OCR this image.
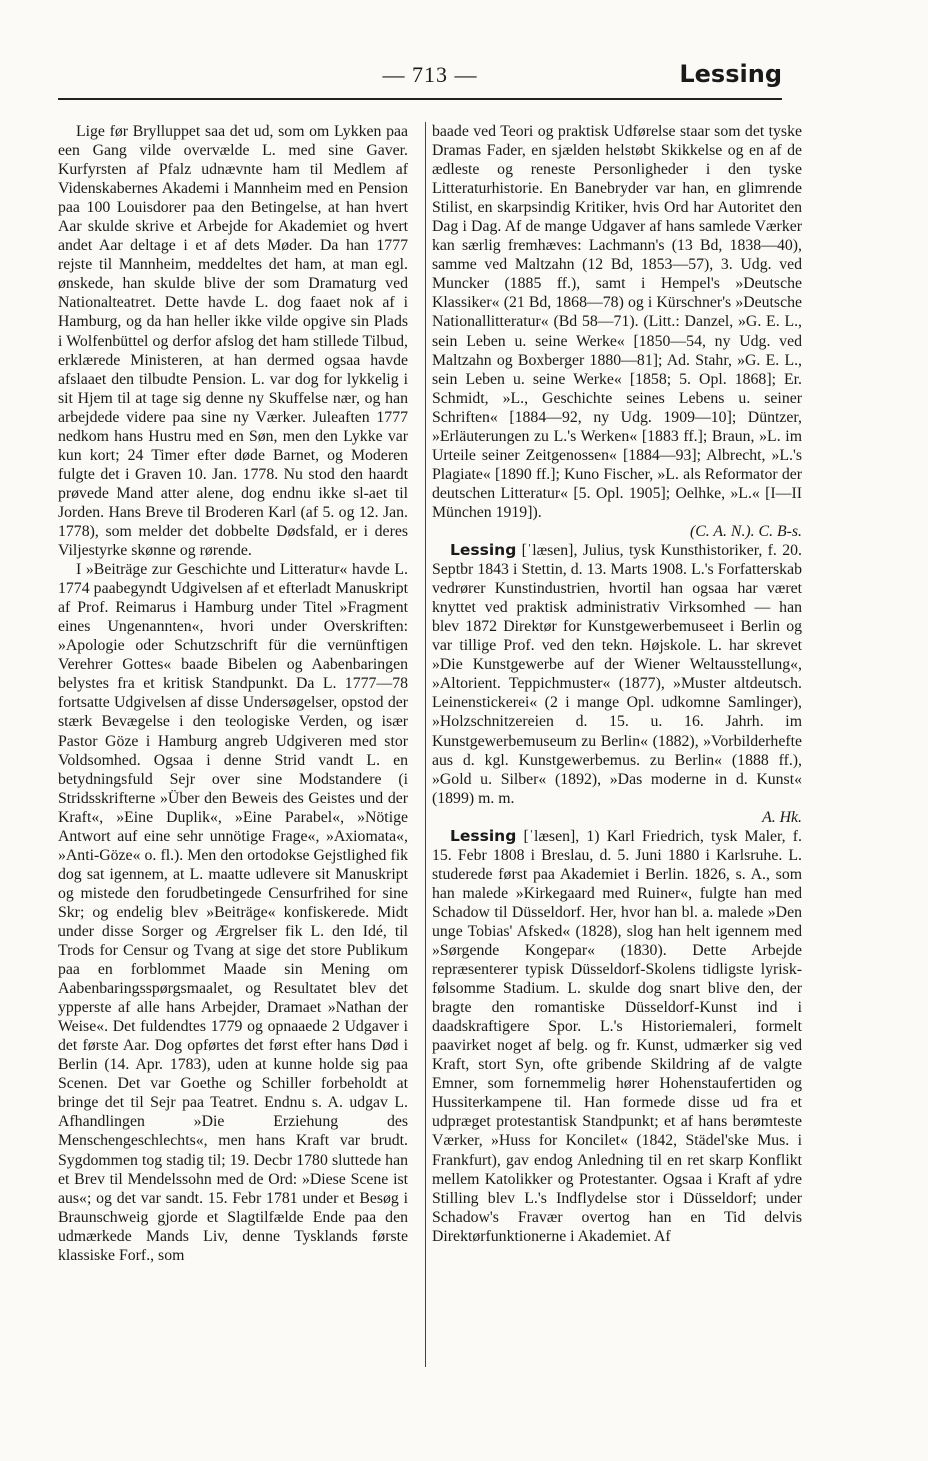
— 713 —	Lessing

Lige før Brylluppet saa det ud, som om Lykken paa een Gang vilde overvælde L. med sine Gaver. Kurfyrsten af Pfalz udnævnte ham til Medlem af Videnskabernes Akademi i Mannheim med en Pension paa 100 Louisdorer paa den Betingelse, at han hvert Aar skulde skrive et Arbejde for Akademiet og hvert andet Aar deltage i et af dets Møder. Da han 1777 rejste til Mannheim, meddeltes det ham, at man egl. ønskede, han skulde blive der som Dramaturg ved Nationalteatret. Dette havde L. dog faaet nok af i Hamburg, og da han heller ikke vilde opgive sin Plads i Wolfenbüttel og derfor afslog det ham stillede Tilbud, erklærede Ministeren, at han dermed ogsaa havde afslaaet den tilbudte Pension. L. var dog for lykkelig i sit Hjem til at tage sig denne ny Skuffelse nær, og han arbejdede videre paa sine ny Værker. Juleaften 1777 nedkom hans Hustru med en Søn, men den Lykke var kun kort; 24 Timer efter døde Barnet, og Moderen fulgte det i Graven 10. Jan. 1778. Nu stod den haardt prøvede Mand atter alene, dog endnu ikke sl-aet til Jorden. Hans Breve til Broderen Karl (af 5. og 12. Jan. 1778), som melder det dobbelte Dødsfald, er i deres Viljestyrke skønne og rørende.

I »Beiträge zur Geschichte und Litteratur« havde L. 1774 paabegyndt Udgivelsen af et efterladt Manuskript af Prof. Reimarus i Hamburg under Titel »Fragment eines Ungenannten«, hvori under Overskriften: »Apologie oder Schutzschrift für die vernünftigen Verehrer Gottes« baade Bibelen og Aabenbaringen belystes fra et kritisk Standpunkt. Da L. 1777—78 fortsatte Udgivelsen af disse Undersøgelser, opstod der stærk Bevægelse i den teologiske Verden, og især Pastor Göze i Hamburg angreb Udgiveren med stor Voldsomhed. Ogsaa i denne Strid vandt L. en betydningsfuld Sejr over sine Modstandere (i Stridsskrifterne »Über den Beweis des Geistes und der Kraft«, »Eine Duplik«, »Eine Parabel«, »Nötige Antwort auf eine sehr unnötige Frage«, »Axiomata«, »Anti-Göze« o. fl.). Men den ortodokse Gejstlighed fik dog sat igennem, at L. maatte udlevere sit Manuskript og mistede den forudbetingede Censurfrihed for sine Skr; og endelig blev »Beiträge« konfiskerede. Midt under disse Sorger og Ærgrelser fik L. den Idé, til Trods for Censur og Tvang at sige det store Publikum paa en forblommet Maade sin Mening om Aabenbaringsspørgsmaalet, og Resultatet blev det ypperste af alle hans Arbejder, Dramaet »Nathan der Weise«. Det fuldendtes 1779 og opnaaede 2 Udgaver i det første Aar. Dog opførtes det først efter hans Død i Berlin (14. Apr. 1783), uden at kunne holde sig paa Scenen. Det var Goethe og Schiller forbeholdt at bringe det til Sejr paa Teatret. Endnu s. A. udgav L. Afhandlingen »Die Erziehung des Menschengeschlechts«, men hans Kraft var brudt. Sygdommen tog stadig til; 19. Decbr 1780 sluttede han et Brev til Mendelssohn med de Ord: »Diese Scene ist aus«; og det var sandt. 15. Febr 1781 under et Besøg i Braunschweig gjorde et Slagtilfælde Ende paa den udmærkede Mands Liv, denne Tysklands første klassiske Forf., som

baade ved Teori og praktisk Udførelse staar som det tyske Dramas Fader, en sjælden helstøbt Skikkelse og en af de ædleste og reneste Personligheder i den tyske Litteraturhistorie. En Banebryder var han, en glimrende Stilist, en skarpsindig Kritiker, hvis Ord har Autoritet den Dag i Dag. Af de mange Udgaver af hans samlede Værker kan særlig fremhæves: Lachmann's (13 Bd, 1838—40), samme ved Maltzahn (12 Bd, 1853—57), 3. Udg. ved Muncker (1885 ff.), samt i Hempel's »Deutsche Klassiker« (21 Bd, 1868—78) og i Kürschner's »Deutsche Nationallitteratur« (Bd 58—71). (Litt.: Danzel, »G. E. L., sein Leben u. seine Werke« [1850—54, ny Udg. ved Maltzahn og Boxberger 1880—81]; Ad. Stahr, »G. E. L., sein Leben u. seine Werke« [1858; 5. Opl. 1868]; Er. Schmidt, »L., Geschichte seines Lebens u. seiner Schriften« [1884—92, ny Udg. 1909—10]; Düntzer, »Erläuterungen zu L.'s Werken« [1883 ff.]; Braun, »L. im Urteile seiner Zeitgenossen« [1884—93]; Albrecht, »L.'s Plagiate« [1890 ff.]; Kuno Fischer, »L. als Reformator der deutschen Litteratur« [5. Opl. 1905]; Oelhke, »L.« [I—II München 1919]).

(C. A. N.). C. B-s.

Lessing [ˈlæsen], Julius, tysk Kunsthistoriker, f. 20. Septbr 1843 i Stettin, d. 13. Marts 1908. L.'s Forfatterskab vedrører Kunstindustrien, hvortil han ogsaa har været knyttet ved praktisk administrativ Virksomhed — han blev 1872 Direktør for Kunstgewerbemuseet i Berlin og var tillige Prof. ved den tekn. Højskole. L. har skrevet »Die Kunstgewerbe auf der Wiener Weltausstellung«, »Altorient. Teppichmuster« (1877), »Muster altdeutsch. Leinenstickerei« (2 i mange Opl. udkomne Samlinger), »Holzschnitzereien d. 15. u. 16. Jahrh. im Kunstgewerbemuseum zu Berlin« (1882), »Vorbilderhefte aus d. kgl. Kunstgewerbemus. zu Berlin« (1888 ff.), »Gold u. Silber« (1892), »Das moderne in d. Kunst« (1899) m. m.

A. Hk.

Lessing [ˈlæsen], 1) Karl Friedrich, tysk Maler, f. 15. Febr 1808 i Breslau, d. 5. Juni 1880 i Karlsruhe. L. studerede først paa Akademiet i Berlin. 1826, s. A., som han malede »Kirkegaard med Ruiner«, fulgte han med Schadow til Düsseldorf. Her, hvor han bl. a. malede »Den unge Tobias' Afsked« (1828), slog han helt igennem med »Sørgende Kongepar« (1830). Dette Arbejde repræsenterer typisk Düsseldorf-Skolens tidligste lyrisk-følsomme Stadium. L. skulde dog snart blive den, der bragte den romantiske Düsseldorf-Kunst ind i daadskraftigere Spor. L.'s Historiemaleri, formelt paavirket noget af belg. og fr. Kunst, udmærker sig ved Kraft, stort Syn, ofte gribende Skildring af de valgte Emner, som fornemmelig hører Hohenstaufertiden og Hussiterkampene til. Han formede disse ud fra et udpræget protestantisk Standpunkt; et af hans berømteste Værker, »Huss for Koncilet« (1842, Städel'ske Mus. i Frankfurt), gav endog Anledning til en ret skarp Konflikt mellem Katolikker og Protestanter. Ogsaa i Kraft af ydre Stilling blev L.'s Indflydelse stor i Düsseldorf; under Schadow's Fravær overtog han en Tid delvis Direktørfunktionerne i Akademiet. Af
